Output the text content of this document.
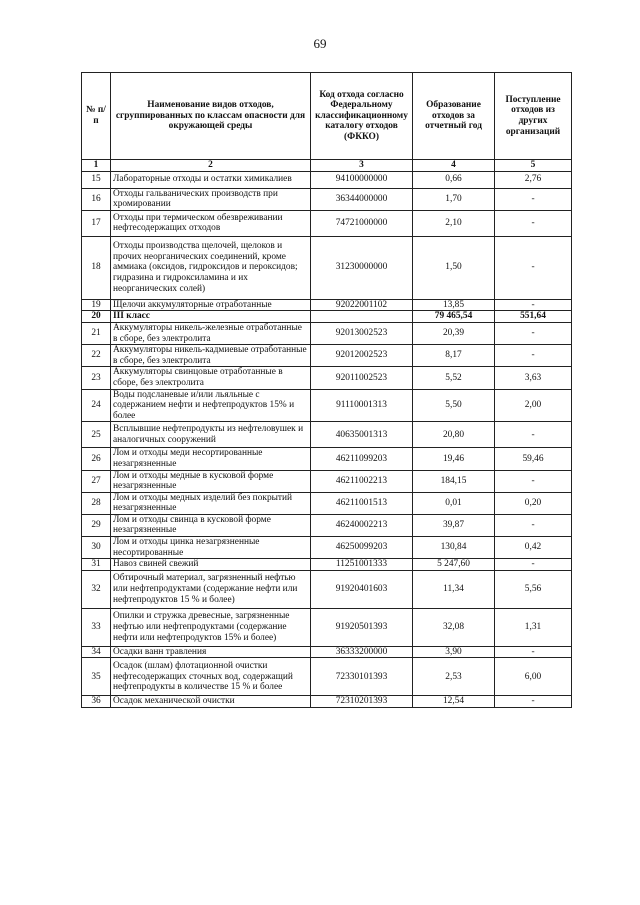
69
№ п/п	Наименование видов отходов, сгруппированных по классам опасности для окружающей среды	Код отхода согласно Федеральному классификационному каталогу отходов (ФККО)	Образование отходов за отчетный год	Поступление отходов из других организаций
1	2	3	4	5
15	Лабораторные отходы и остатки химикалиев	94100000000	0,66	2,76
16	Отходы гальванических производств при хромировании	36344000000	1,70	-
17	Отходы при термическом обезвреживании нефтесодержащих отходов	74721000000	2,10	-
18	Отходы производства щелочей, щелоков и прочих неорганических соединений, кроме аммиака (оксидов, гидроксидов и пероксидов; гидразина и гидроксиламина и их неорганических солей)	31230000000	1,50	-
19	Щелочи аккумуляторные отработанные	92022001102	13,85	-
20	III класс		79 465,54	551,64
21	Аккумуляторы никель-железные отработанные в сборе, без электролита	92013002523	20,39	-
22	Аккумуляторы никель-кадмиевые отработанные в сборе, без электролита	92012002523	8,17	-
23	Аккумуляторы свинцовые отработанные в сборе, без электролита	92011002523	5,52	3,63
24	Воды подсланевые и/или льяльные с содержанием нефти и нефтепродуктов 15% и более	91110001313	5,50	2,00
25	Всплывшие нефтепродукты из нефтеловушек и аналогичных сооружений	40635001313	20,80	-
26	Лом и отходы меди несортированные незагрязненные	46211099203	19,46	59,46
27	Лом и отходы медные в кусковой форме незагрязненные	46211002213	184,15	-
28	Лом и отходы медных изделий без покрытий незагрязненные	46211001513	0,01	0,20
29	Лом и отходы свинца в кусковой форме незагрязненные	46240002213	39,87	-
30	Лом и отходы цинка незагрязненные несортированные	46250099203	130,84	0,42
31	Навоз свиней свежий	11251001333	5 247,60	-
32	Обтирочный материал, загрязненный нефтью или нефтепродуктами (содержание нефти или нефтепродуктов 15 % и более)	91920401603	11,34	5,56
33	Опилки и стружка древесные, загрязненные нефтью или нефтепродуктами (содержание нефти или нефтепродуктов 15% и более)	91920501393	32,08	1,31
34	Осадки ванн травления	36333200000	3,90	-
35	Осадок (шлам) флотационной очистки нефтесодержащих сточных вод, содержащий нефтепродукты в количестве 15 % и более	72330101393	2,53	6,00
36	Осадок механической очистки	72310201393	12,54	-
